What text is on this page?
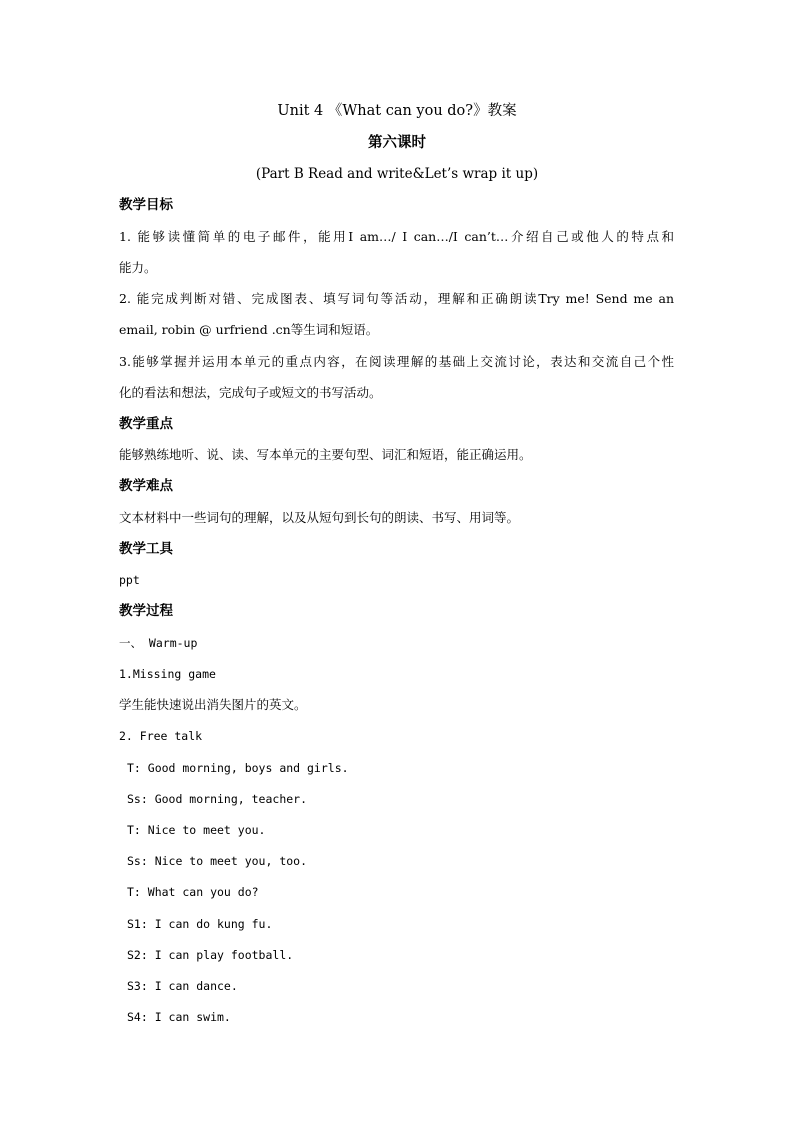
Unit 4 《What can you do?》教案
第六课时
(Part B Read and write&Let’s wrap it up)
教学目标
1. 能够读懂简单的电子邮件，能用I am…/ I can…/I can’t…介绍自己或他人的特点和
能力。
2. 能完成判断对错、完成图表、填写词句等活动，理解和正确朗读Try me! Send me an
email, robin @ urfriend .cn等生词和短语。
3.能够掌握并运用本单元的重点内容，在阅读理解的基础上交流讨论，表达和交流自己个性
化的看法和想法，完成句子或短文的书写活动。
教学重点
能够熟练地听、说、读、写本单元的主要句型、词汇和短语，能正确运用。
教学难点
文本材料中一些词句的理解，以及从短句到长句的朗读、书写、用词等。
教学工具
ppt
教学过程
一、 Warm-up
1.Missing game
学生能快速说出消失图片的英文。
2. Free talk
T: Good morning, boys and girls.
Ss: Good morning, teacher.
T: Nice to meet you.
Ss: Nice to meet you, too.
T: What can you do?
S1: I can do kung fu.
S2: I can play football.
S3: I can dance.
S4: I can swim.
